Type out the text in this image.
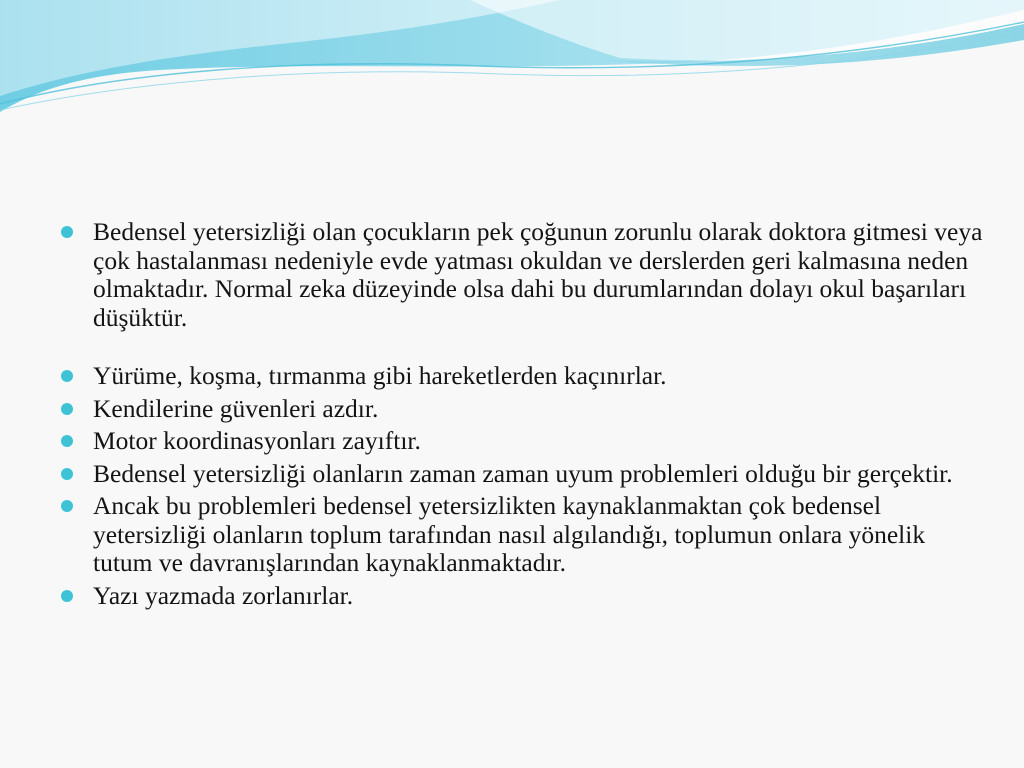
Bedensel yetersizliği olan çocukların pek çoğunun zorunlu olarak doktora gitmesi veya çok hastalanması nedeniyle evde yatması okuldan ve derslerden geri kalmasına neden olmaktadır. Normal zeka düzeyinde olsa dahi bu durumlarından dolayı okul başarıları düşüktür.
Yürüme, koşma, tırmanma gibi hareketlerden kaçınırlar.
Kendilerine güvenleri azdır.
Motor koordinasyonları zayıftır.
Bedensel yetersizliği olanların zaman zaman uyum problemleri olduğu bir gerçektir.
Ancak bu problemleri bedensel yetersizlikten kaynaklanmaktan çok bedensel yetersizliği olanların toplum tarafından nasıl algılandığı, toplumun onlara yönelik tutum ve davranışlarından kaynaklanmaktadır.
Yazı yazmada zorlanırlar.
